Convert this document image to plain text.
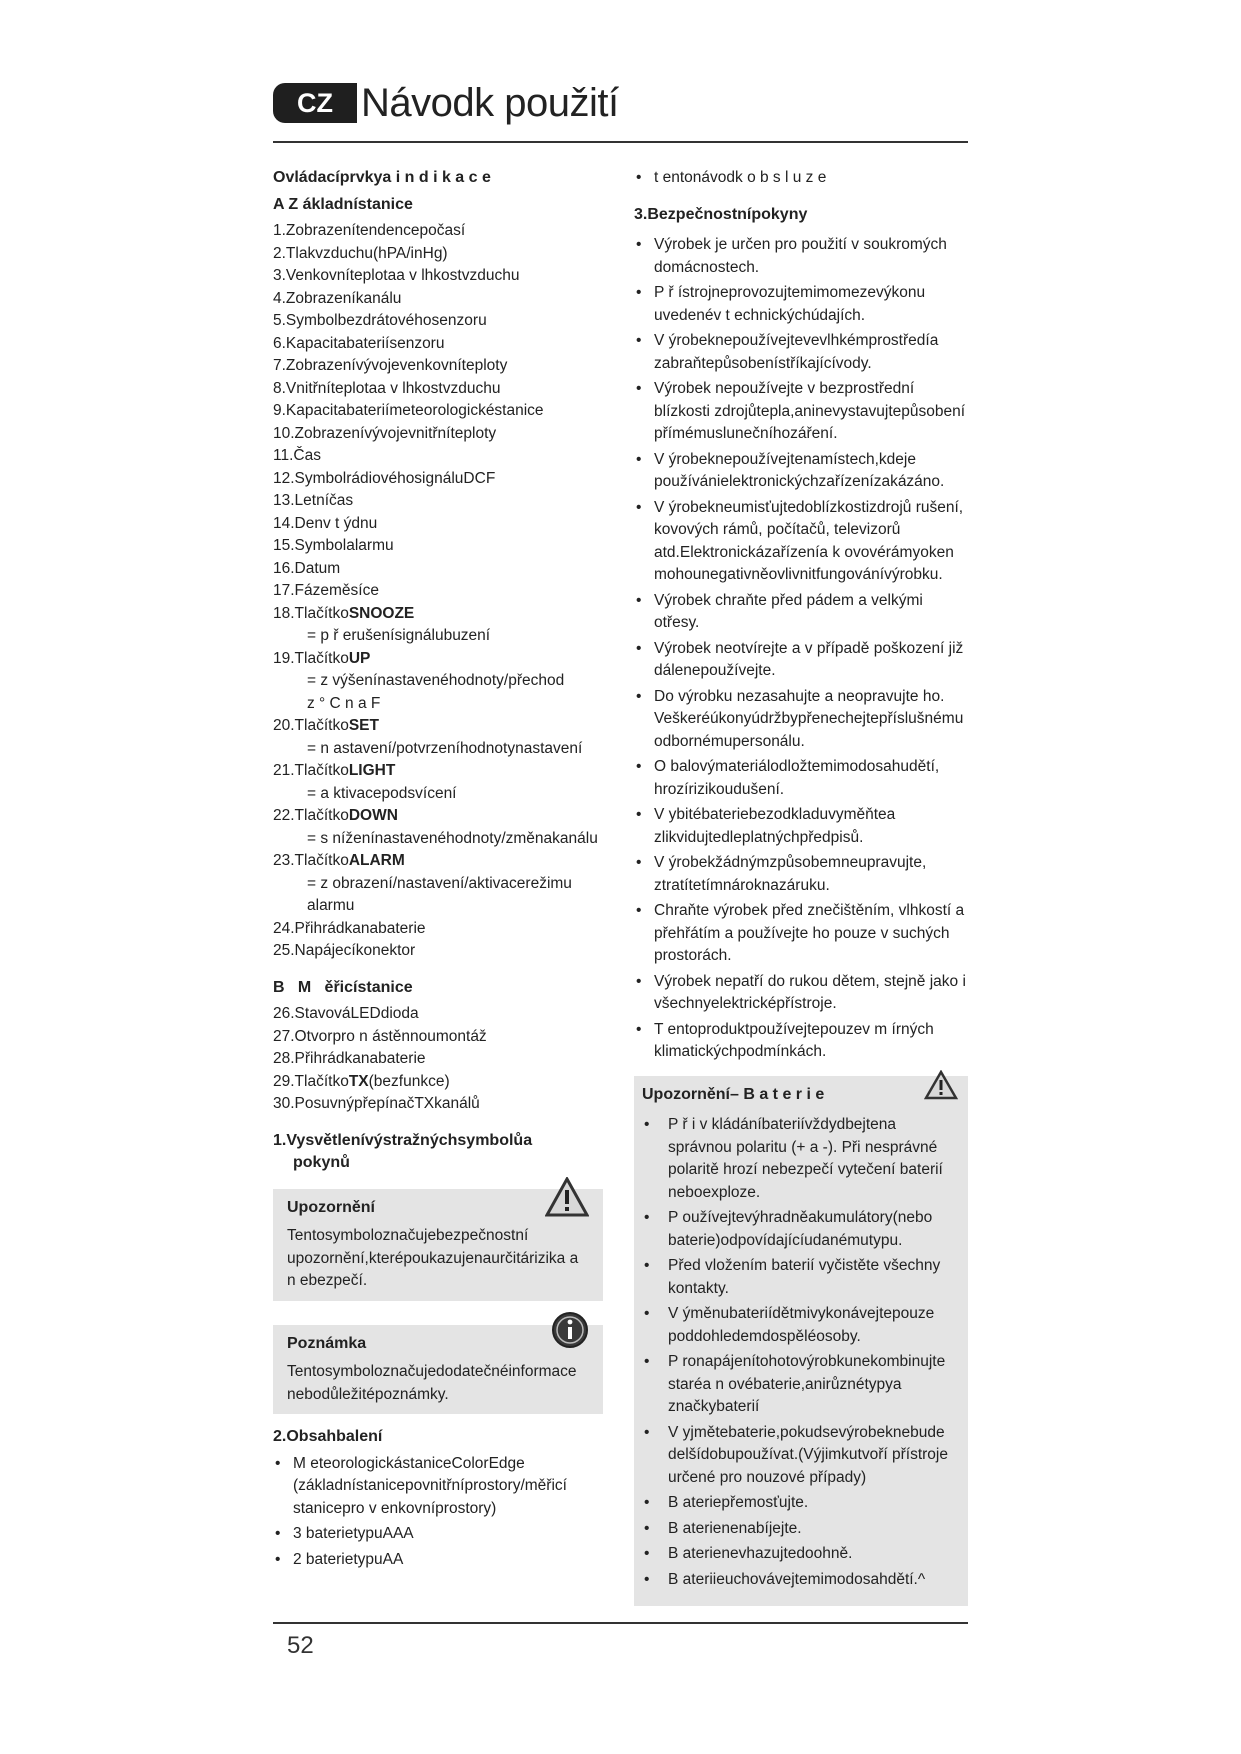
CZ Návodk použití
Ovládacíprvkya i n d i k a c e
A Z ákladnístanice

1.Zobrazenítendencepočasí

2.Tlakvzduchu(hPA/inHg)

3.Venkovníteplotaa v lhkostvzduchu

4.Zobrazeníkanálu

5.Symbolbezdrátovéhosenzoru

6.Kapacitabateriísenzoru

7.Zobrazenívývojevenkovníteploty

8.Vnitřníteplotaa v lhkostvzduchu

9.Kapacitabateriímeteorologickéstanice

10.Zobrazenívývojevnitřníteploty

11.Čas

12.SymbolrádiovéhosignáluDCF

13.Letníčas

14.Denv t ýdnu

15.Symbolalarmu

16.Datum

17.Fázeměsíce

18.TlačítkoSNOOZE

= p ř erušenísignálubuzení

19.TlačítkoUP

= z výšenínastavenéhodnoty/přechod

z ° C n a F

20.TlačítkoSET

= n astavení/potvrzeníhodnotynastavení

21.TlačítkoLIGHT

= a ktivacepodsvícení

22.TlačítkoDOWN

= s níženínastavenéhodnoty/změnakanálu

23.TlačítkoALARM

= z obrazení/nastavení/aktivacerežimu

alarmu

24.Přihrádkanabaterie

25.Napájecíkonektor

B   M   ěřicístanice

26.StavováLEDdioda

27.Otvorpro n ástěnnoumontáž

28.Přihrádkanabaterie

29.TlačítkoTX(bezfunkce)

30.PosuvnýpřepínačTXkanálů

1.Vysvětlenívýstražnýchsymbolůa
pokynů
Upozornění

Tentosymboloznačujebezpečnostní upozornění,kterépoukazujenaurčitárizika a n ebezpečí.

Poznámka

Tentosymboloznačujedodatečnéinformace nebodůležitépoznámky.

2.Obsahbalení
• M eteorologickástaniceColorEdge (základnístanicepovnitřníprostory/měřicí stanicepro v enkovníprostory)
• 3 baterietypuAAA
• 2 baterietypuAA
• t entonávodk o b s l u z e
3.Bezpečnostnípokyny
• Výrobek je určen pro použití v soukromých domácnostech.
• P ř ístrojneprovozujtemimomezevýkonu uvedenév t echnickýchúdajích.
• V ýrobeknepoužívejtevevlhkémprostředía zabraňtepůsobenístříkajícívody.
• Výrobek nepoužívejte v bezprostřední blízkosti zdrojůtepla,aninevystavujtepůsobení přímémuslunečníhozáření.
• V ýrobeknepoužívejtenamístech,kdeje používánielektronickýchzařízenízakázáno.
• V ýrobekneumisťujtedoblízkostizdrojů rušení, kovových rámů, počítačů, televizorů atd.Elektronickázařízenía k ovovérámyoken mohounegativněovlivnitfungovánívýrobku.
• Výrobek chraňte před pádem a velkými otřesy.
• Výrobek neotvírejte a v případě poškození již dálenepoužívejte.
• Do výrobku nezasahujte a neopravujte ho. Veškeréúkonyúdržbypřenechejtepříslušnému odbornémupersonálu.
• O balovýmateriálodložtemimodosahudětí, hrozírizikoudušení.
• V ybitébateriebezodkladuvyměňtea zlikvidujtedleplatnýchpředpisů.
• V ýrobekžádnýmzpůsobemneupravujte, ztratítetímnároknazáruku.
• Chraňte výrobek před znečištěním, vlhkostí a přehřátím a používejte ho pouze v suchých prostorách.
• Výrobek nepatří do rukou dětem, stejně jako i všechnyelektricképřístroje.
• T entoproduktpoužívejtepouzev m írných klimatickýchpodmínkách.
Upozornění– B a t e r i e
• P ř i v kládáníbateriívždydbejtena správnou polaritu (+ a -). Při nesprávné polaritě hrozí nebezpečí vytečení baterií neboexploze.
• P oužívejtevýhradněakumulátory(nebo baterie)odpovídajícíudanémutypu.
• Před vložením baterií vyčistěte všechny kontakty.
• V ýměnubateriídětmivykonávejtepouze poddohledemdospěléosoby.
• P ronapájenítohotovýrobkunekombinujte staréa n ovébaterie,anirůznétypya značkybaterií
• V yjmětebaterie,pokudsevýrobeknebude delšídobupoužívat.(Výjimkutvoří přístroje určené pro nouzové případy)
• B ateriepřemosťujte.
• B aterienenabíjejte.
• B aterienevhazujtedoohně.
• B ateriieuchovávejtemimodosahdětí.^
52
